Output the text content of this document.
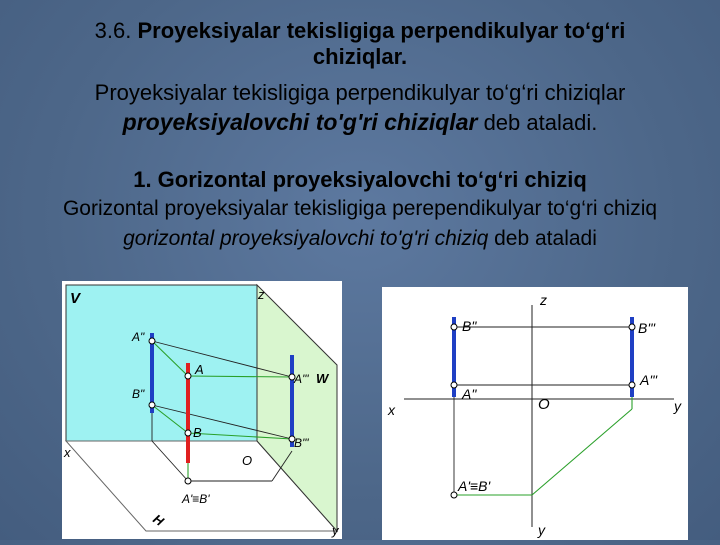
3.6. Proyeksiyalar tekisligiga perpendikulyar to‘g‘ri
chiziqlar.
Proyeksiyalar tekisligiga perpendikulyar to‘g‘ri chiziqlar
proyeksiyalovchi to'g'ri chiziqlar deb ataladi.
1. Gorizontal proyeksiyalovchi to‘g‘ri chiziq
Gorizontal proyeksiyalar tekisligiga perependikulyar to‘g‘ri chiziq
gorizontal proyeksiyalovchi to'g'ri chiziq deb ataladi
V	z
x
H
W
y
O
A"
A
A'"
B"
B
B'"
A'≡B'
z
x	y
y
O
B"	B'"
A"
A'"
A'≡B'
